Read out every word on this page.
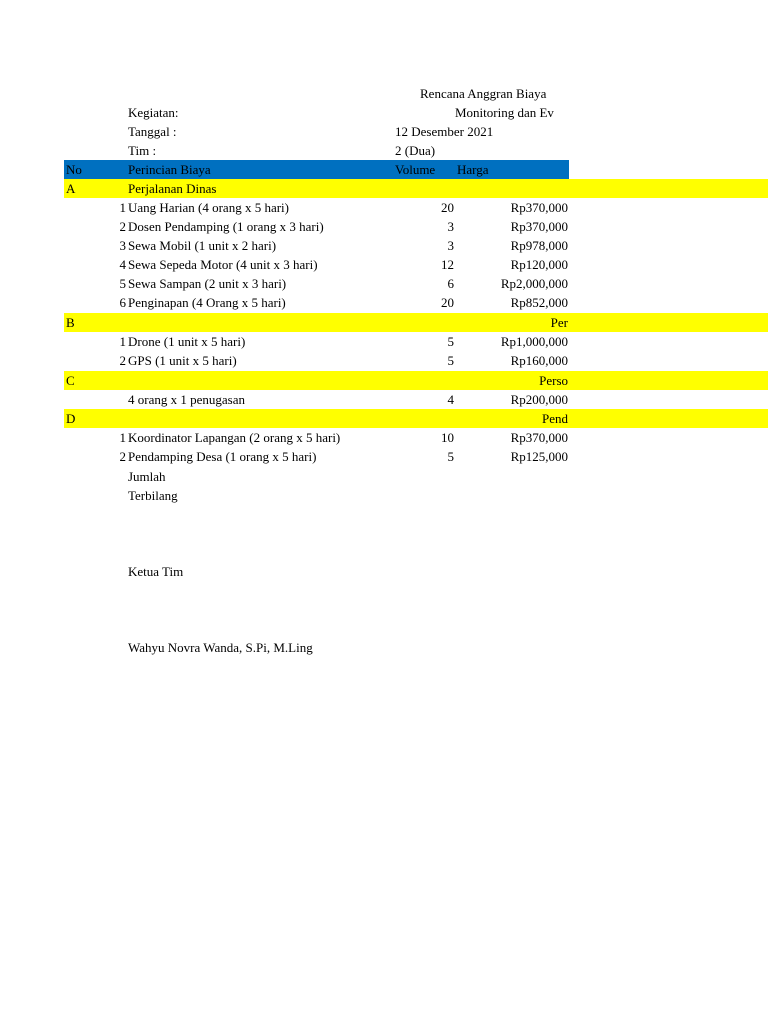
Rencana Anggran Biaya
Kegiatan:	Monitoring dan Ev
Tanggal :	12 Desember 2021
Tim :	2 (Dua)
No	Perincian Biaya	Volume Harga
A	Perjalanan Dinas
1 Uang Harian (4 orang x 5 hari)	20	Rp370,000
2 Dosen Pendamping (1 orang x 3 hari)	3	Rp370,000
3 Sewa Mobil (1 unit x 2 hari)	3	Rp978,000
4 Sewa Sepeda Motor (4 unit x 3 hari)	12	Rp120,000
5 Sewa Sampan (2 unit x 3 hari)	6	Rp2,000,000
6 Penginapan (4 Orang x 5 hari)	20	Rp852,000
B	Per
1 Drone (1 unit x 5 hari)	5	Rp1,000,000
2 GPS (1 unit x 5 hari)	5	Rp160,000
C	Perso
4 orang x 1 penugasan	4	Rp200,000
D	Pend
1 Koordinator Lapangan (2 orang x 5 hari)	10	Rp370,000
2 Pendamping Desa (1 orang x 5 hari)	5	Rp125,000
Jumlah
Terbilang
Ketua Tim
Wahyu Novra Wanda, S.Pi, M.Ling
